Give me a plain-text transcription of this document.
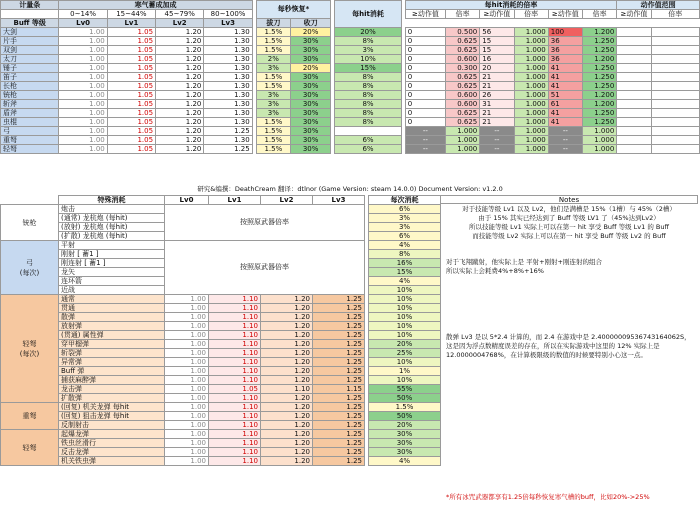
计量条	寒气蓄成加成					每秒恢复*			每hit消耗		每hit消耗的倍率						动作值范围	
	0~14%	15~44%	45~79%	80~100%							≥动作值	倍率	≥动作值	倍率	≥动作值	倍率	≥动作值	倍率
Buff 等级	Lv0	Lv1	Lv2	Lv3		拔刀	收刀											
大剑	1.00	1.05	1.20	1.30		1.5%	20%		20%		0	0.500	56	1.000	100	1.200		
片手	1.00	1.05	1.20	1.30		1.5%	30%		8%		0	0.625	15	1.000	36	1.250		
双剑	1.00	1.05	1.20	1.30		1.5%	30%		3%		0	0.625	15	1.000	36	1.250		
太刀	1.00	1.05	1.20	1.30		2%	30%		10%		0	0.600	16	1.000	36	1.200		
锤子	1.00	1.05	1.20	1.30		3%	20%		15%		0	0.300	20	1.000	41	1.250		
笛子	1.00	1.05	1.20	1.30		1.5%	30%		8%		0	0.625	21	1.000	41	1.250		
长枪	1.00	1.05	1.20	1.30		1.5%	30%		8%		0	0.625	21	1.000	41	1.250		
铳枪	1.00	1.05	1.20	1.30		3%	30%		8%		0	0.600	26	1.000	51	1.200		
斩斧	1.00	1.05	1.20	1.30		3%	30%		8%		0	0.600	31	1.000	61	1.200		
盾斧	1.00	1.05	1.20	1.30		3%	30%		8%		0	0.625	21	1.000	41	1.250		
虫棍	1.00	1.05	1.20	1.30		1.5%	30%		8%		0	0.625	21	1.000	41	1.250		
弓	1.00	1.05	1.20	1.25		1.5%	30%				--	1.000	--	1.000	--	1.000		
重弩	1.00	1.05	1.20	1.30		1.5%	30%		6%		--	1.000	--	1.000	--	1.000		
轻弩	1.00	1.05	1.20	1.25		1.5%	30%		6%		--	1.000	--	1.000	--	1.000		
研究&编撰：DeathCream 翻译：dtlnor (Game Version: steam 14.0.0) Document Version: v1.2.0
	特殊消耗	Lv0	Lv1	Lv2	Lv3		每次消耗

铳枪	炮击	按照原武器倍率					6%
	(通常) 龙杭炮 (每hit)						3%
	(放射) 龙杭炮 (每hit)						3%
	(扩散) 龙杭炮 (每hit)						6%

弓
(每次)	平射	按照原武器倍率					4%
	刚射 [ 蓄1 ]						8%
	刚连射 [ 蓄1 ]						16%
	龙矢						15%
	连环箭						4%
	近战						10%

轻弩
(每次)	通常	1.00	1.10	1.20	1.25		10%
	贯通	1.00	1.10	1.20	1.25		10%
	散弹	1.00	1.10	1.20	1.25		10%
	放射弹	1.00	1.10	1.20	1.25		10%
	(贯通) 属性弹	1.00	1.10	1.20	1.25		10%
	穿甲榴弹	1.00	1.10	1.20	1.25		20%
	斩裂弹	1.00	1.10	1.20	1.25		25%
	异常弹	1.00	1.10	1.20	1.25		10%
	Buff 弹	1.00	1.10	1.20	1.25		1%
	捕获麻醉弹	1.00	1.10	1.20	1.25		10%
	龙击弹	1.00	1.05	1.10	1.15		55%
	扩散弹	1.00	1.10	1.20	1.25		50%

重弩	(回复) 机关龙弹 每hit	1.00	1.10	1.20	1.25		1.5%
	(回复) 狙击龙弹 每hit	1.00	1.10	1.20	1.25		50%
	反制射击	1.00	1.10	1.20	1.25		20%

轻弩	起爆龙弹	1.00	1.10	1.20	1.25		30%
	铁虫丝滑行	1.00	1.10	1.20	1.25		30%
	反击龙弹	1.00	1.10	1.20	1.25		30%
	机关铁虫弹	1.00	1.10	1.20	1.25		4%
Notes
对于技能等级 Lv1 以及 Lv2，他们是满槽是 15%（1槽）与 45%（2槽）
由于 15% 其实已经达到了 Buff 等级 LV1 了（45%达到Lv2）
所以技能等级 Lv1 实际上可以在第一 hit 享受 Buff 等级 Lv1 的 Buff
而技能等级 Lv2 实际上可以在第一 hit 享受 Buff 等级 Lv2 的 Buff
对于飞翔蹴射，他实际上是 平射+刚射+刚连射的组合
所以实际上会耗费4%+8%+16%
散弹 Lv3 是以 5*2.4 计算的，而 2.4 在游戏中是 2.40000009536743164062S，
这是因为浮点数精度误差的存在，所以在实际游戏中这里的 12% 实际上是
12.0000004768%，在计算极限级的数值的时候要特别小心这一点。
*所有冰咒武器都享有1.25倍每秒恢复寒气槽的buff，比如20%->25%
